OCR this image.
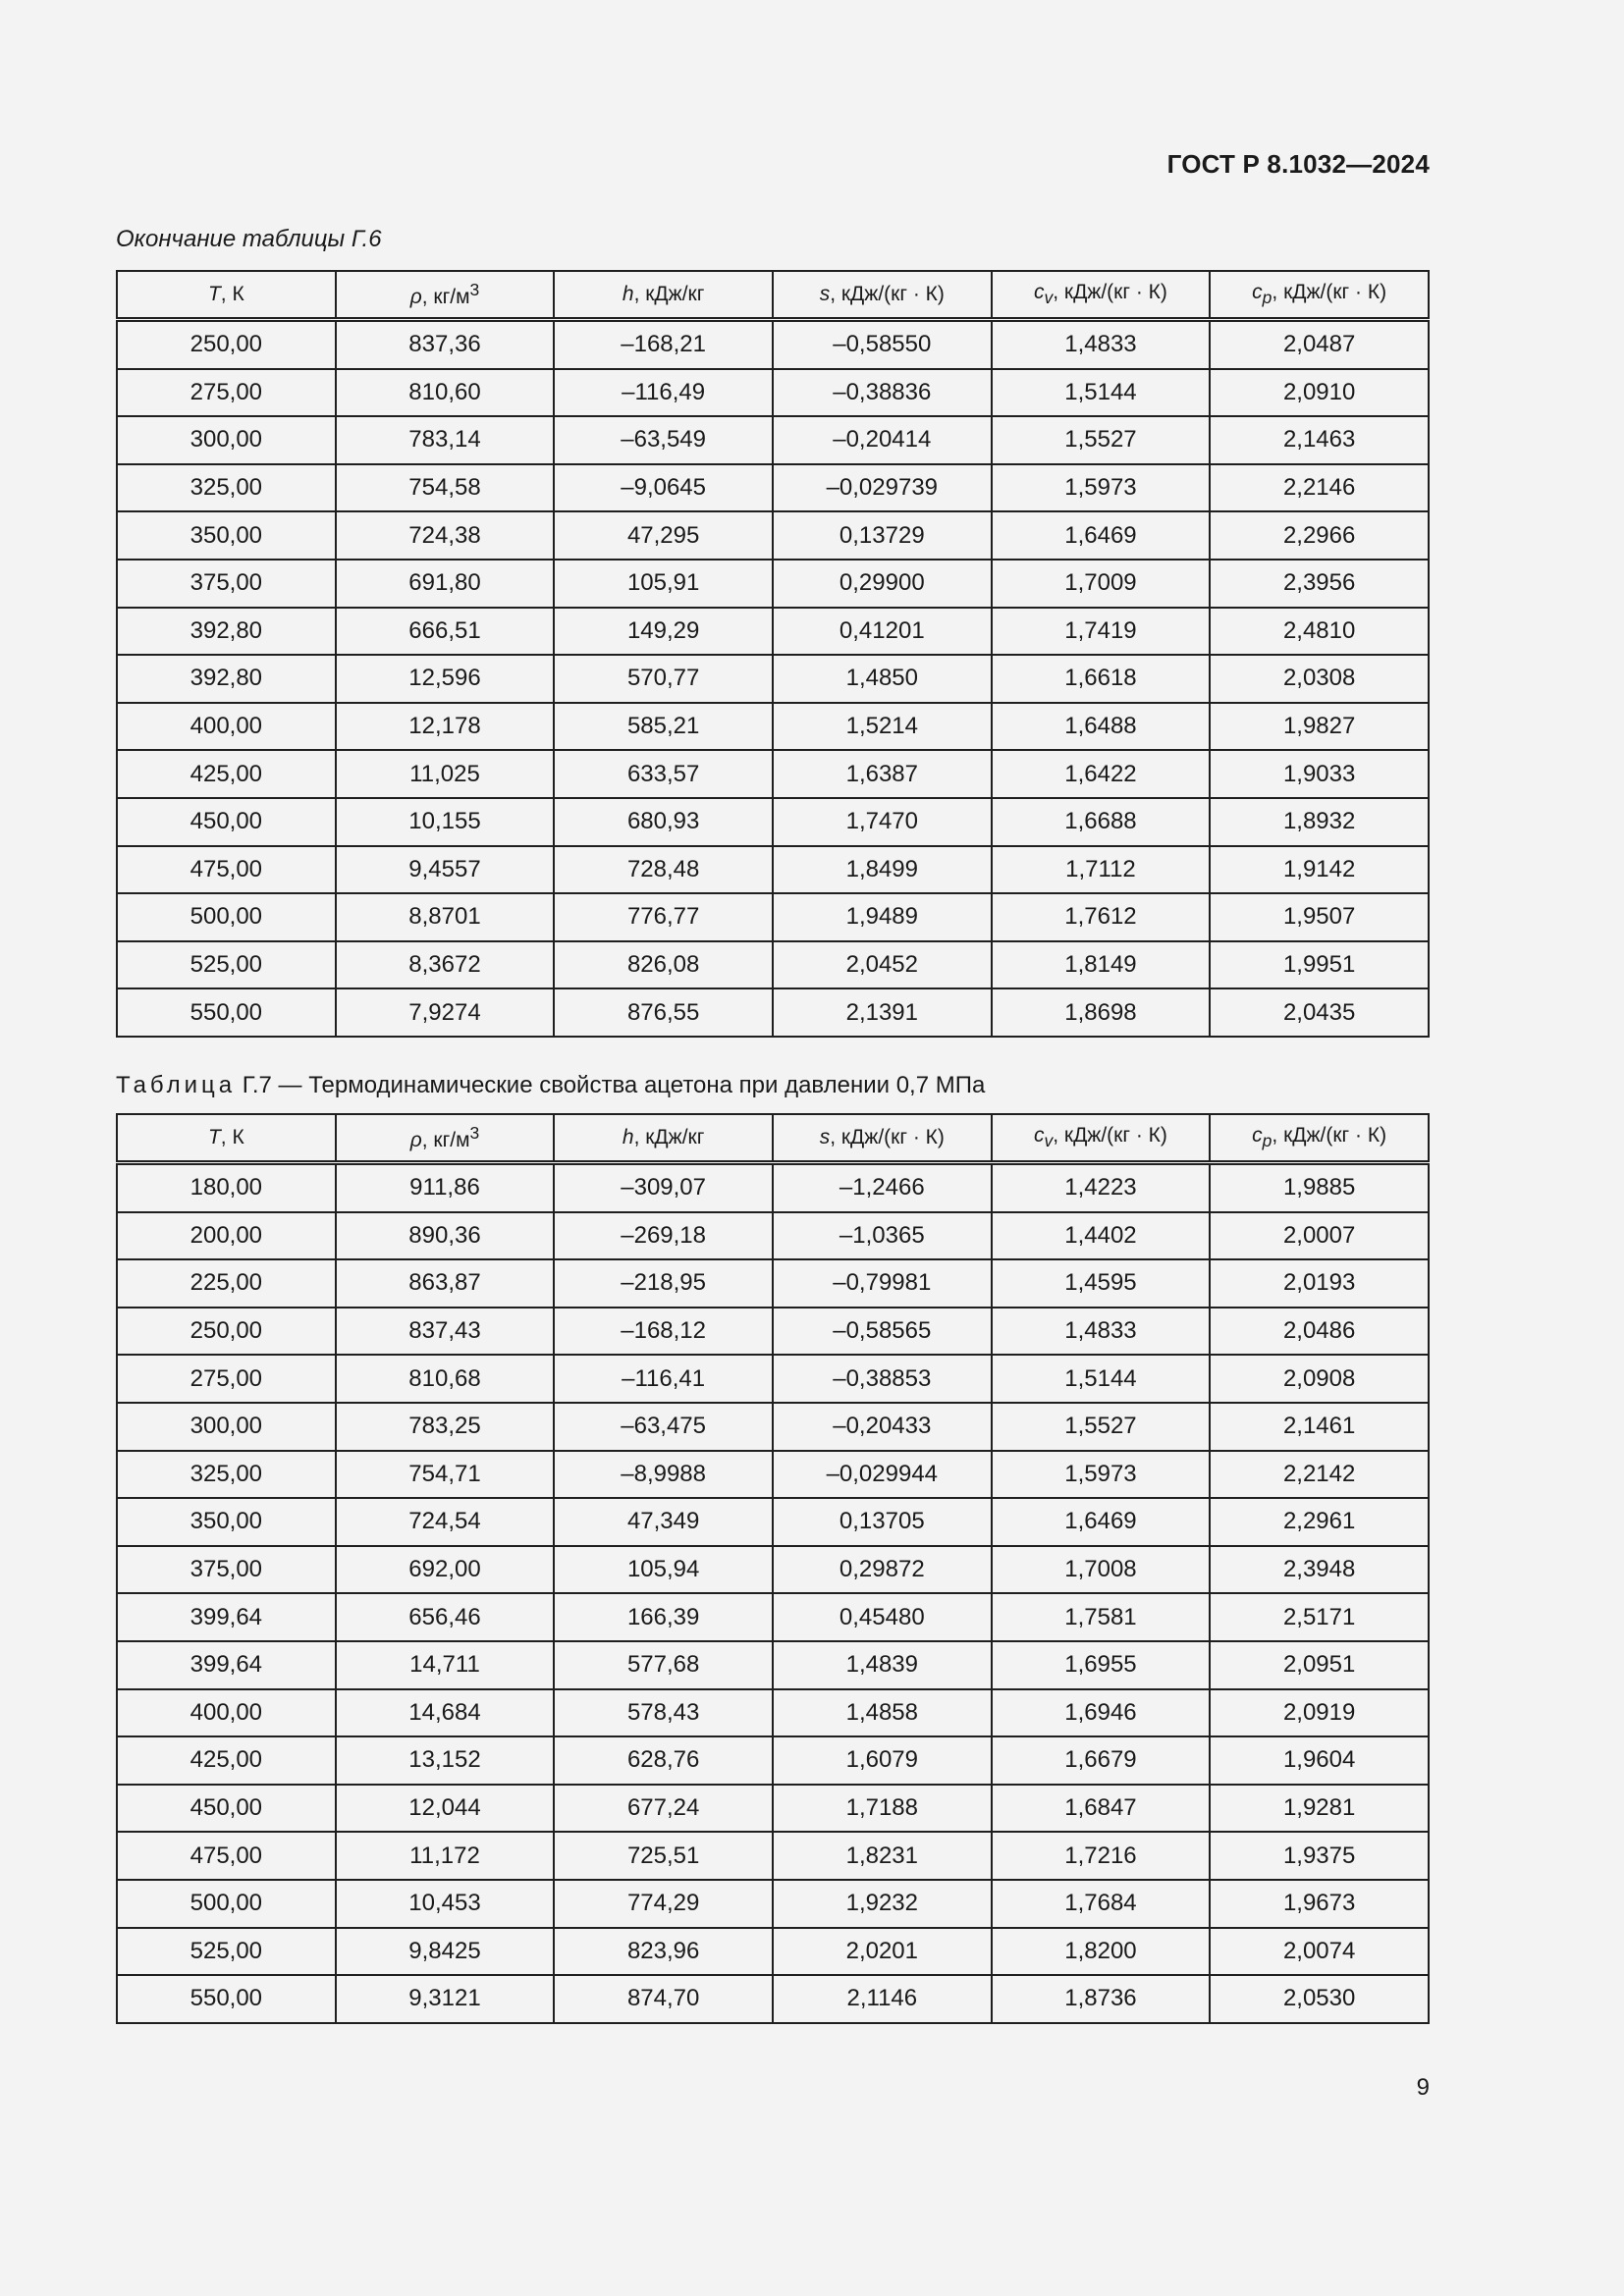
ГОСТ Р 8.1032—2024
Окончание таблицы Г.6
T, К	ρ, $кг/м^3$	h, кДж/кг	s, кДж/(кг · К)	$c_v$, кДж/(кг · К)	$c_p$, кДж/(кг · К)
250,00	837,36	–168,21	–0,58550	1,4833	2,0487
275,00	810,60	–116,49	–0,38836	1,5144	2,0910
300,00	783,14	–63,549	–0,20414	1,5527	2,1463
325,00	754,58	–9,0645	–0,029739	1,5973	2,2146
350,00	724,38	47,295	0,13729	1,6469	2,2966
375,00	691,80	105,91	0,29900	1,7009	2,3956
392,80	666,51	149,29	0,41201	1,7419	2,4810
392,80	12,596	570,77	1,4850	1,6618	2,0308
400,00	12,178	585,21	1,5214	1,6488	1,9827
425,00	11,025	633,57	1,6387	1,6422	1,9033
450,00	10,155	680,93	1,7470	1,6688	1,8932
475,00	9,4557	728,48	1,8499	1,7112	1,9142
500,00	8,8701	776,77	1,9489	1,7612	1,9507
525,00	8,3672	826,08	2,0452	1,8149	1,9951
550,00	7,9274	876,55	2,1391	1,8698	2,0435
Таблица Г.7 — Термодинамические свойства ацетона при давлении 0,7 МПа
T, К	ρ, $кг/м^3$	h, кДж/кг	s, кДж/(кг · К)	$c_v$, кДж/(кг · К)	$c_p$, кДж/(кг · К)
180,00	911,86	–309,07	–1,2466	1,4223	1,9885
200,00	890,36	–269,18	–1,0365	1,4402	2,0007
225,00	863,87	–218,95	–0,79981	1,4595	2,0193
250,00	837,43	–168,12	–0,58565	1,4833	2,0486
275,00	810,68	–116,41	–0,38853	1,5144	2,0908
300,00	783,25	–63,475	–0,20433	1,5527	2,1461
325,00	754,71	–8,9988	–0,029944	1,5973	2,2142
350,00	724,54	47,349	0,13705	1,6469	2,2961
375,00	692,00	105,94	0,29872	1,7008	2,3948
399,64	656,46	166,39	0,45480	1,7581	2,5171
399,64	14,711	577,68	1,4839	1,6955	2,0951
400,00	14,684	578,43	1,4858	1,6946	2,0919
425,00	13,152	628,76	1,6079	1,6679	1,9604
450,00	12,044	677,24	1,7188	1,6847	1,9281
475,00	11,172	725,51	1,8231	1,7216	1,9375
500,00	10,453	774,29	1,9232	1,7684	1,9673
525,00	9,8425	823,96	2,0201	1,8200	2,0074
550,00	9,3121	874,70	2,1146	1,8736	2,0530
9
